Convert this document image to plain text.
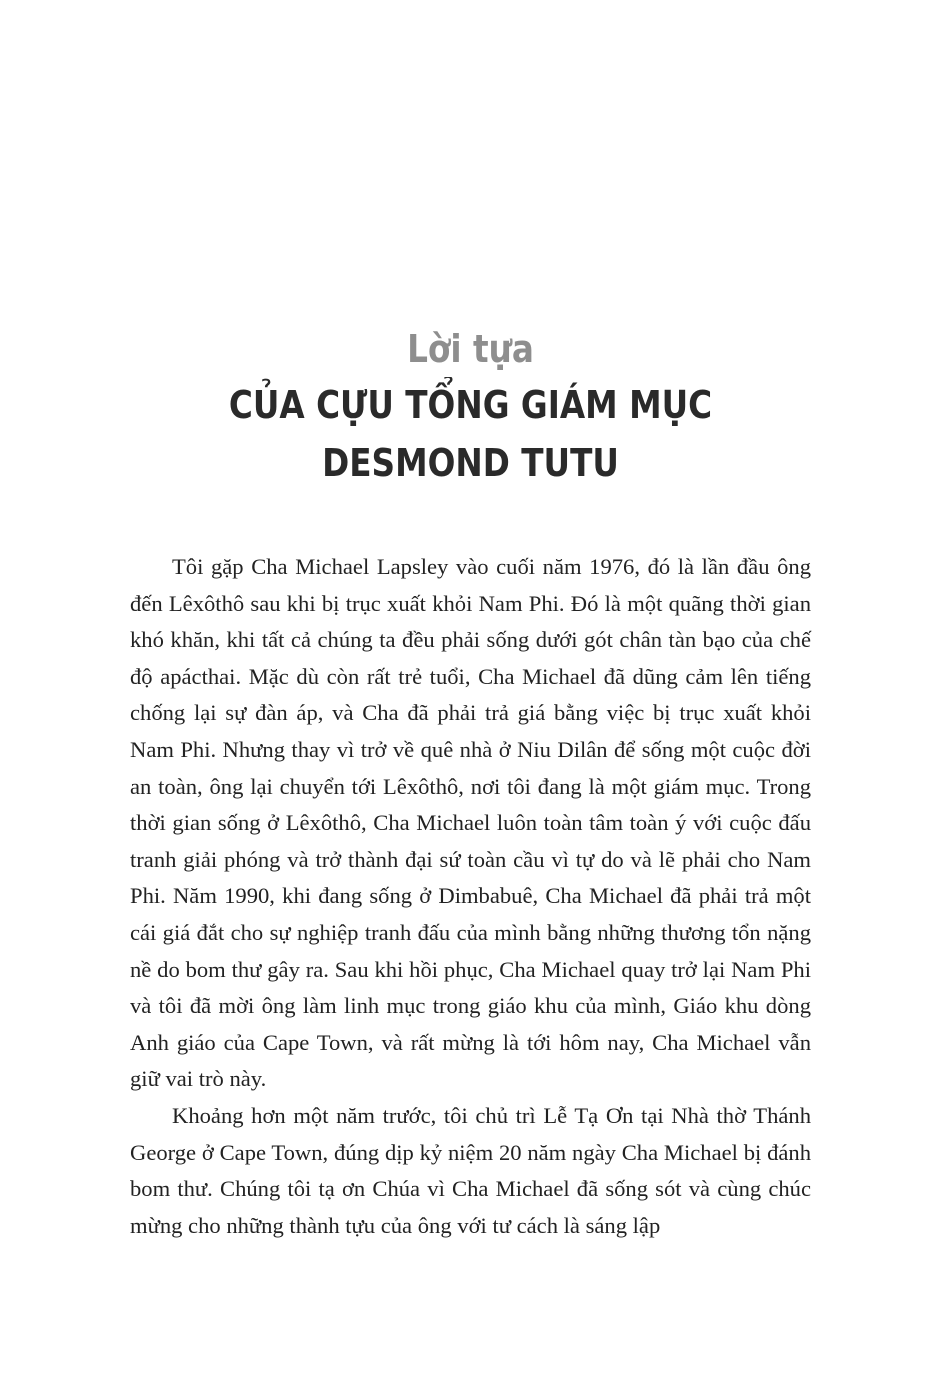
Lời tựa
CỦA CỰU TỔNG GIÁM MỤC
DESMOND TUTU

Tôi gặp Cha Michael Lapsley vào cuối năm 1976, đó là lần đầu ông đến Lêxôthô sau khi bị trục xuất khỏi Nam Phi. Đó là một quãng thời gian khó khăn, khi tất cả chúng ta đều phải sống dưới gót chân tàn bạo của chế độ apácthai. Mặc dù còn rất trẻ tuổi, Cha Michael đã dũng cảm lên tiếng chống lại sự đàn áp, và Cha đã phải trả giá bằng việc bị trục xuất khỏi Nam Phi. Nhưng thay vì trở về quê nhà ở Niu Dilân để sống một cuộc đời an toàn, ông lại chuyển tới Lêxôthô, nơi tôi đang là một giám mục. Trong thời gian sống ở Lêxôthô, Cha Michael luôn toàn tâm toàn ý với cuộc đấu tranh giải phóng và trở thành đại sứ toàn cầu vì tự do và lẽ phải cho Nam Phi. Năm 1990, khi đang sống ở Dimbabuê, Cha Michael đã phải trả một cái giá đắt cho sự nghiệp tranh đấu của mình bằng những thương tổn nặng nề do bom thư gây ra. Sau khi hồi phục, Cha Michael quay trở lại Nam Phi và tôi đã mời ông làm linh mục trong giáo khu của mình, Giáo khu dòng Anh giáo của Cape Town, và rất mừng là tới hôm nay, Cha Michael vẫn giữ vai trò này.

Khoảng hơn một năm trước, tôi chủ trì Lễ Tạ Ơn tại Nhà thờ Thánh George ở Cape Town, đúng dịp kỷ niệm 20 năm ngày Cha Michael bị đánh bom thư. Chúng tôi tạ ơn Chúa vì Cha Michael đã sống sót và cùng chúc mừng cho những thành tựu của ông với tư cách là sáng lập
